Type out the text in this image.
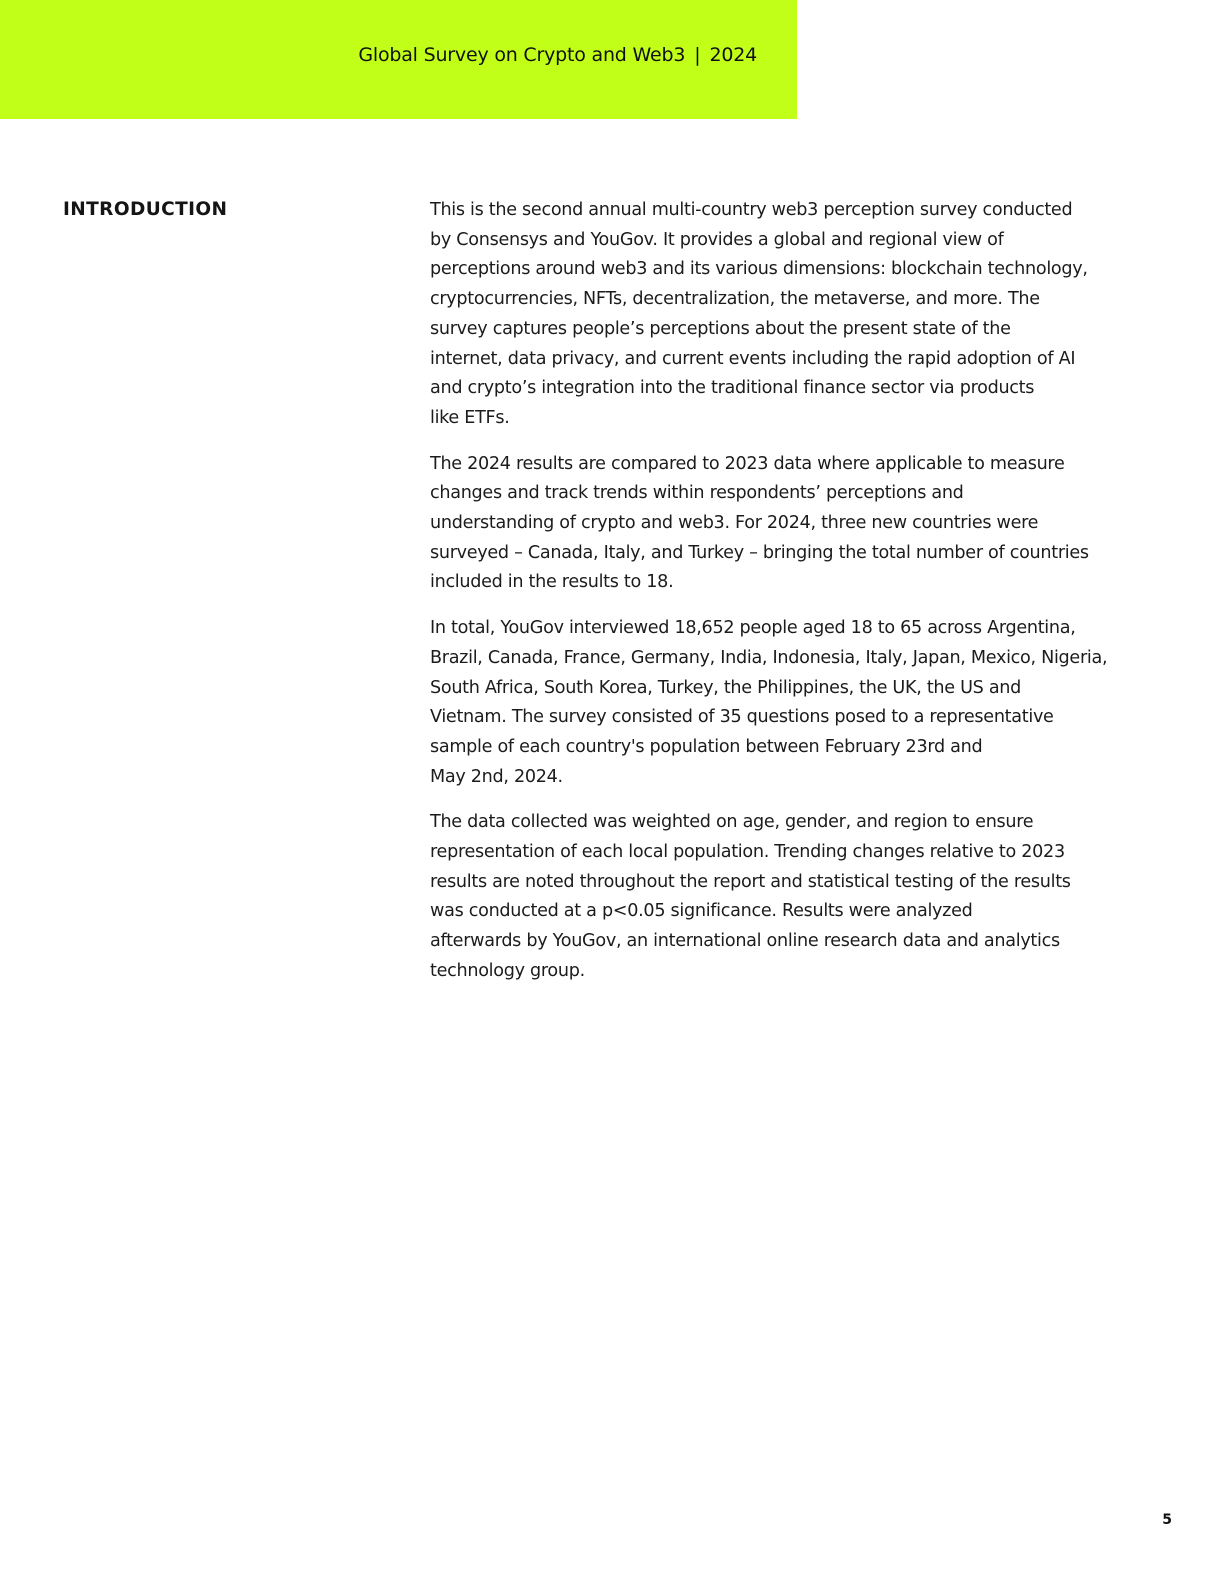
Global Survey on Crypto and Web3 | 2024
INTRODUCTION	This is the second annual multi-country web3 perception survey conducted
by Consensys and YouGov. It provides a global and regional view of
perceptions around web3 and its various dimensions: blockchain technology,
cryptocurrencies, NFTs, decentralization, the metaverse, and more. The
survey captures people’s perceptions about the present state of the
internet, data privacy, and current events including the rapid adoption of AI
and crypto’s integration into the traditional finance sector via products
like ETFs.

The 2024 results are compared to 2023 data where applicable to measure
changes and track trends within respondents’ perceptions and
understanding of crypto and web3. For 2024, three new countries were
surveyed – Canada, Italy, and Turkey – bringing the total number of countries
included in the results to 18.

In total, YouGov interviewed 18,652 people aged 18 to 65 across Argentina,
Brazil, Canada, France, Germany, India, Indonesia, Italy, Japan, Mexico, Nigeria,
South Africa, South Korea, Turkey, the Philippines, the UK, the US and
Vietnam. The survey consisted of 35 questions posed to a representative
sample of each country's population between February 23rd and
May 2nd, 2024.

The data collected was weighted on age, gender, and region to ensure
representation of each local population. Trending changes relative to 2023
results are noted throughout the report and statistical testing of the results
was conducted at a p<0.05 significance. Results were analyzed
afterwards by YouGov, an international online research data and analytics
technology group.

5
